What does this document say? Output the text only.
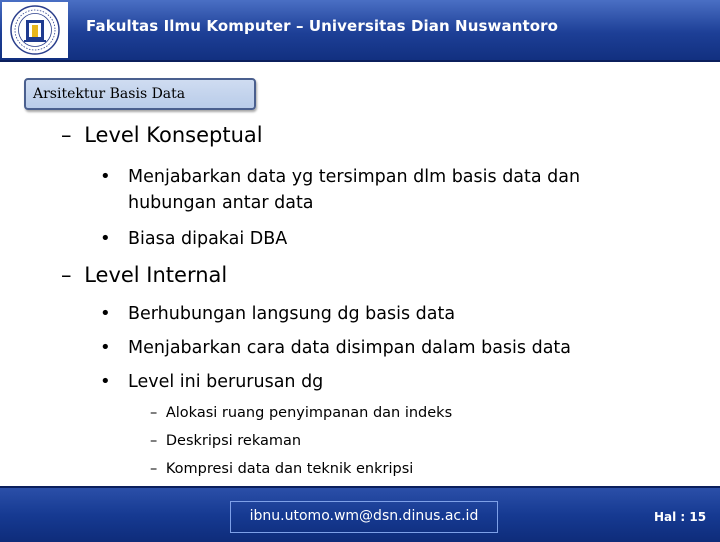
Fakultas Ilmu Komputer – Universitas Dian Nuswantoro
Arsitektur Basis Data
– Level Konseptual
• Menjabarkan data yg tersimpan dlm basis data dan
hubungan antar data
• Biasa dipakai DBA
– Level Internal
• Berhubungan langsung dg basis data
• Menjabarkan cara data disimpan dalam basis data
• Level ini berurusan dg
– Alokasi ruang penyimpanan dan indeks
– Deskripsi rekaman
– Kompresi data dan teknik enkripsi
ibnu.utomo.wm@dsn.dinus.ac.id	Hal : 15
